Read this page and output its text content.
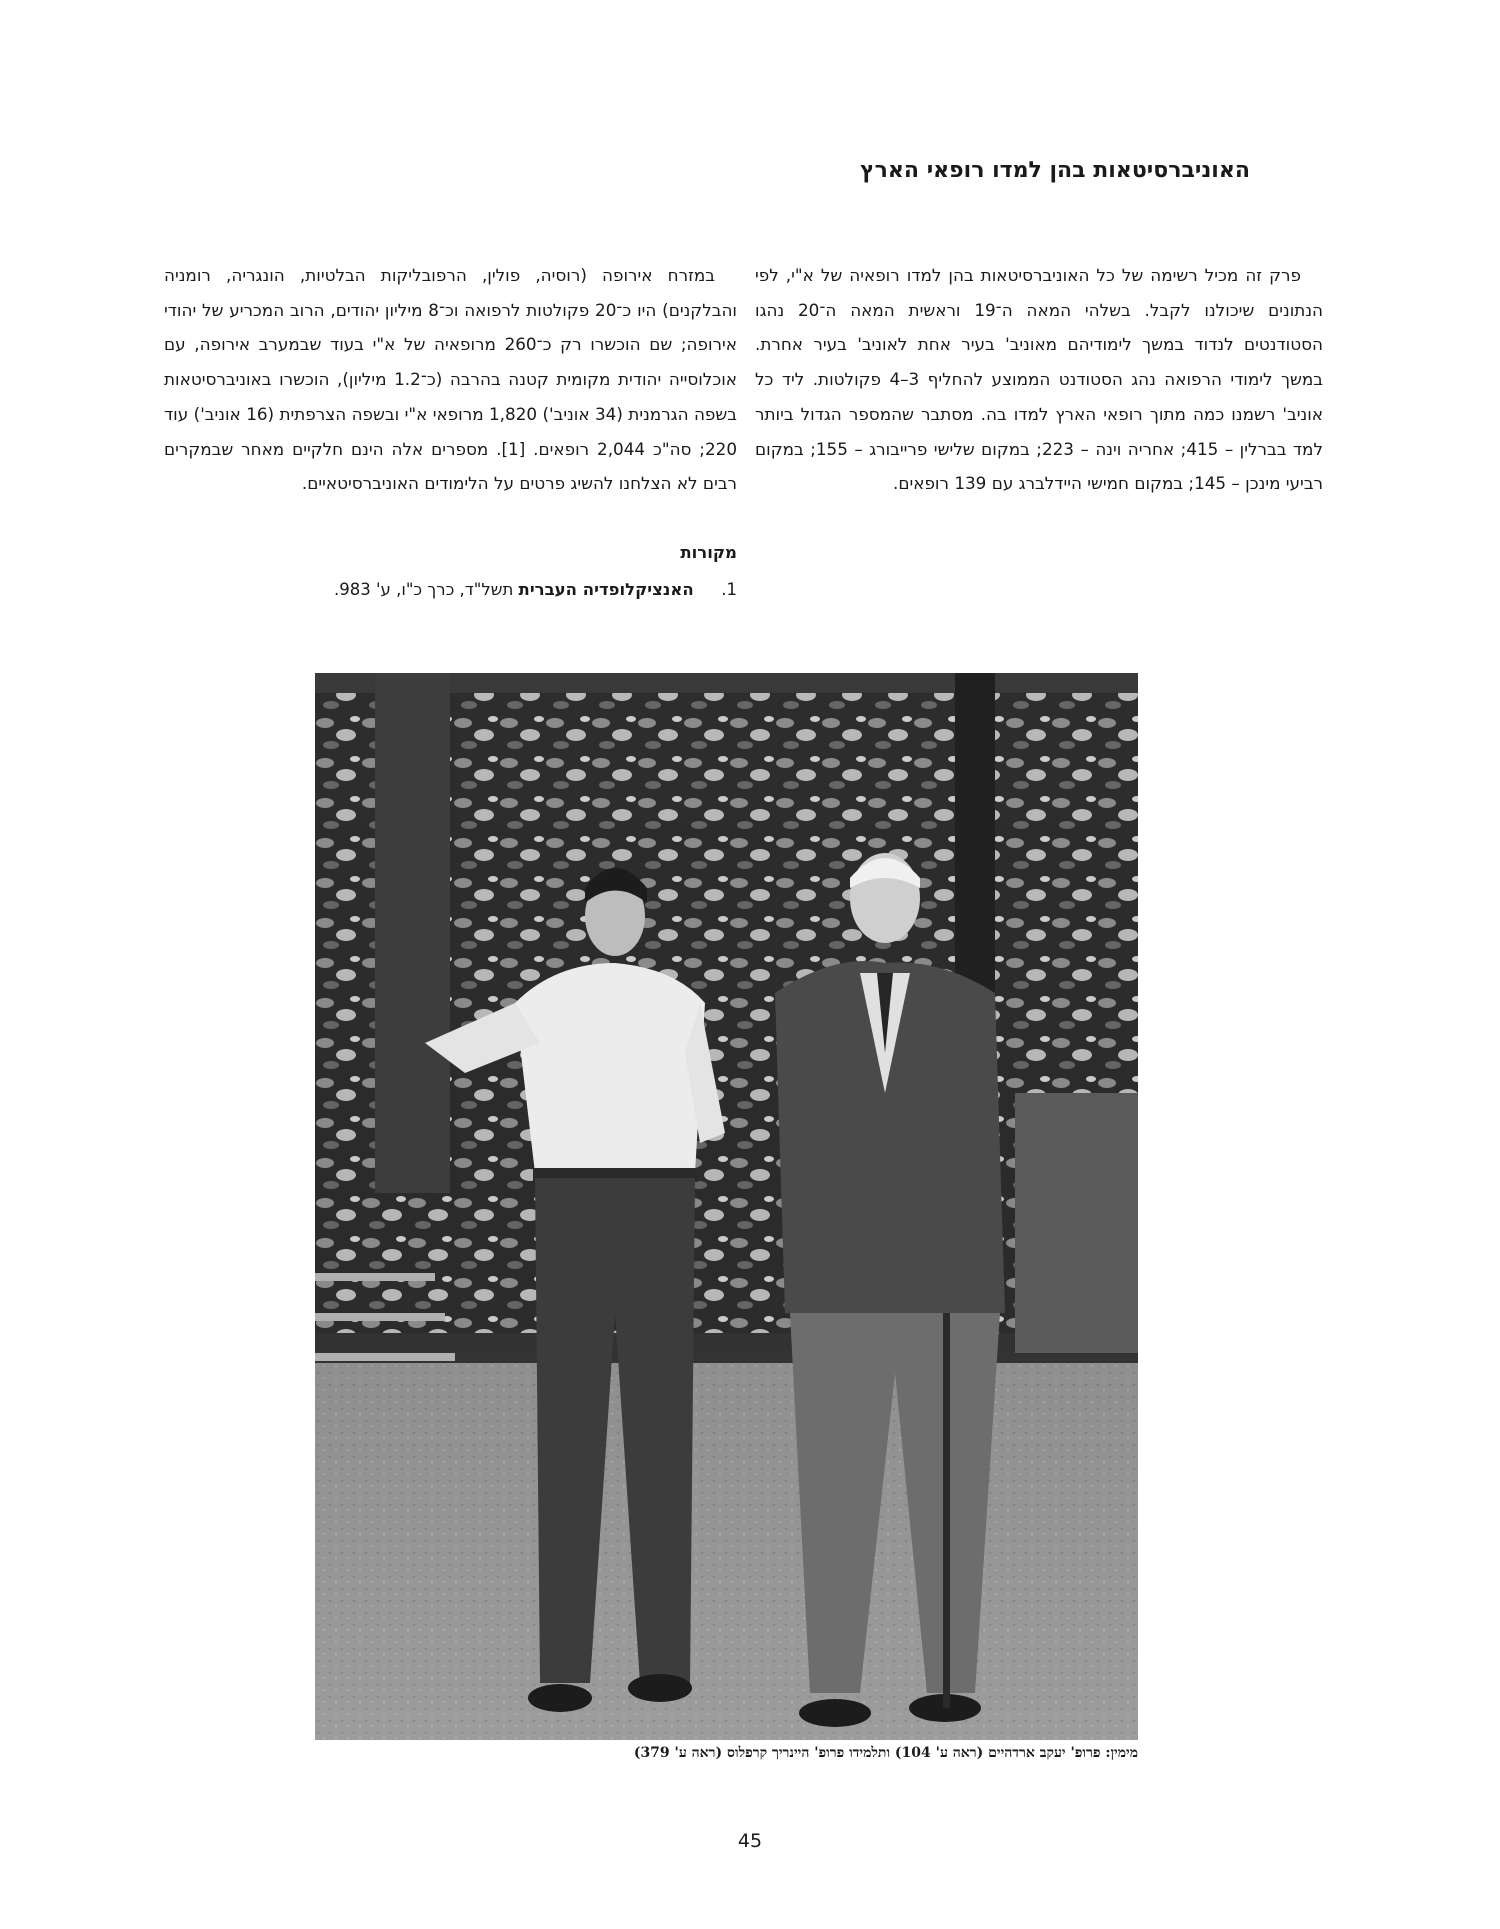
האוניברסיטאות בהן למדו רופאי הארץ

פרק זה מכיל רשימה של כל האוניברסיטאות בהן למדו רופאיה של א"י, לפי הנתונים שיכולנו לקבל. בשלהי המאה ה־19 וראשית המאה ה־20 נהגו הסטודנטים לנדוד במשך לימודיהם מאוניב' בעיר אחת לאוניב' בעיר אחרת. במשך לימודי הרפואה נהג הסטודנט הממוצע להחליף 3–4 פקולטות. ליד כל אוניב' רשמנו כמה מתוך רופאי הארץ למדו בה. מסתבר שהמספר הגדול ביותר למד בברלין – 415; אחריה וינה – 223; במקום שלישי פרייבורג – 155; במקום רביעי מינכן – 145; במקום חמישי היידלברג עם 139 רופאים.

במזרח אירופה (רוסיה, פולין, הרפובליקות הבלטיות, הונגריה, רומניה והבלקנים) היו כ־20 פקולטות לרפואה וכ־8 מיליון יהודים, הרוב המכריע של יהודי אירופה; שם הוכשרו רק כ־260 מרופאיה של א"י בעוד שבמערב אירופה, עם אוכלוסייה יהודית מקומית קטנה בהרבה (כ־1.2 מיליון), הוכשרו באוניברסיטאות בשפה הגרמנית (34 אוניב') 1,820 מרופאי א"י ובשפה הצרפתית (16 אוניב') עוד 220; סה"כ 2,044 רופאים. [1]. מספרים אלה הינם חלקיים מאחר שבמקרים רבים לא הצלחנו להשיג פרטים על הלימודים האוניברסיטאיים.

מקורות
1. האנציקלופדיה העברית תשל"ד, כרך כ"ו, ע' 983.

מימין: פרופ' יעקב ארדהיים (ראה ע' 104) ותלמידו פרופ' היינריך קרפלוס (ראה ע' 379)

45
